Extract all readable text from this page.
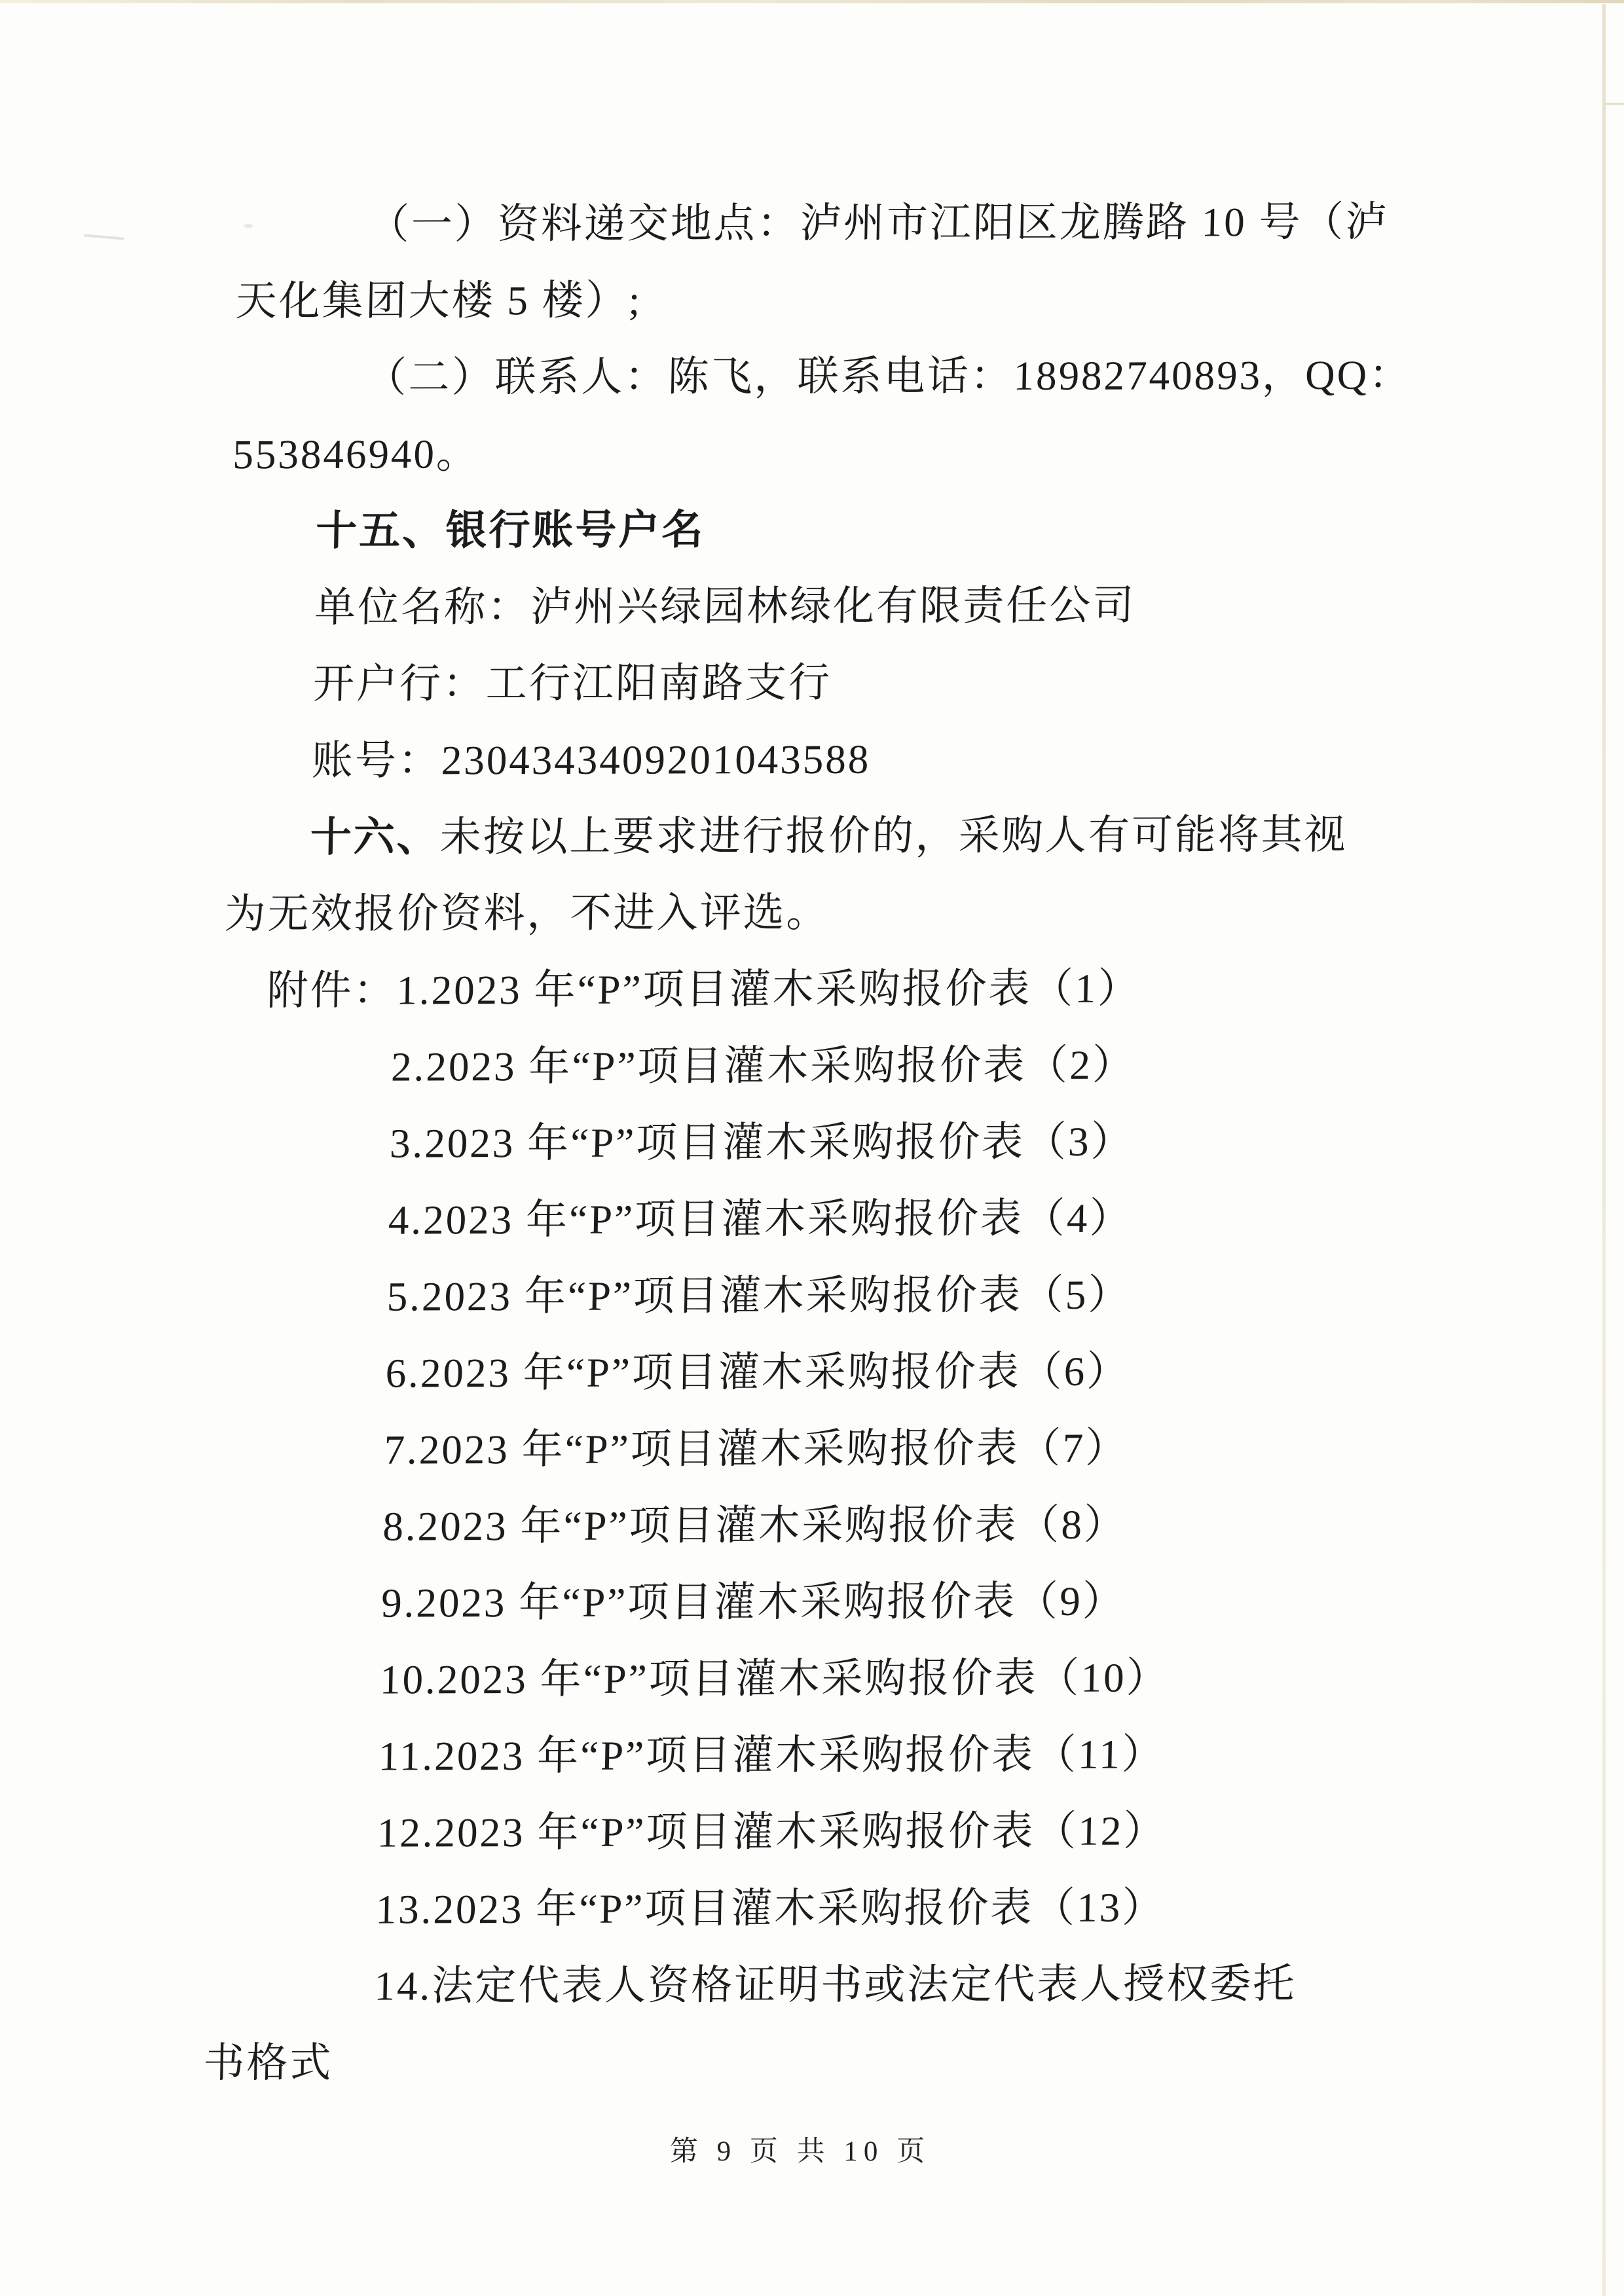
（一）资料递交地点：泸州市江阳区龙腾路 10 号（泸
天化集团大楼 5 楼）;
（二）联系人：陈飞，联系电话：18982740893，QQ：
553846940。
十五、银行账号户名
单位名称：泸州兴绿园林绿化有限责任公司
开户行：工行江阳南路支行
账号：2304343409201043588
十六、未按以上要求进行报价的，采购人有可能将其视
为无效报价资料，不进入评选。
附件：1.2023 年“P”项目灌木采购报价表（1）
2.2023 年“P”项目灌木采购报价表（2）
3.2023 年“P”项目灌木采购报价表（3）
4.2023 年“P”项目灌木采购报价表（4）
5.2023 年“P”项目灌木采购报价表（5）
6.2023 年“P”项目灌木采购报价表（6）
7.2023 年“P”项目灌木采购报价表（7）
8.2023 年“P”项目灌木采购报价表（8）
9.2023 年“P”项目灌木采购报价表（9）
10.2023 年“P”项目灌木采购报价表（10）
11.2023 年“P”项目灌木采购报价表（11）
12.2023 年“P”项目灌木采购报价表（12）
13.2023 年“P”项目灌木采购报价表（13）
14.法定代表人资格证明书或法定代表人授权委托
书格式
第 9 页 共 10 页
